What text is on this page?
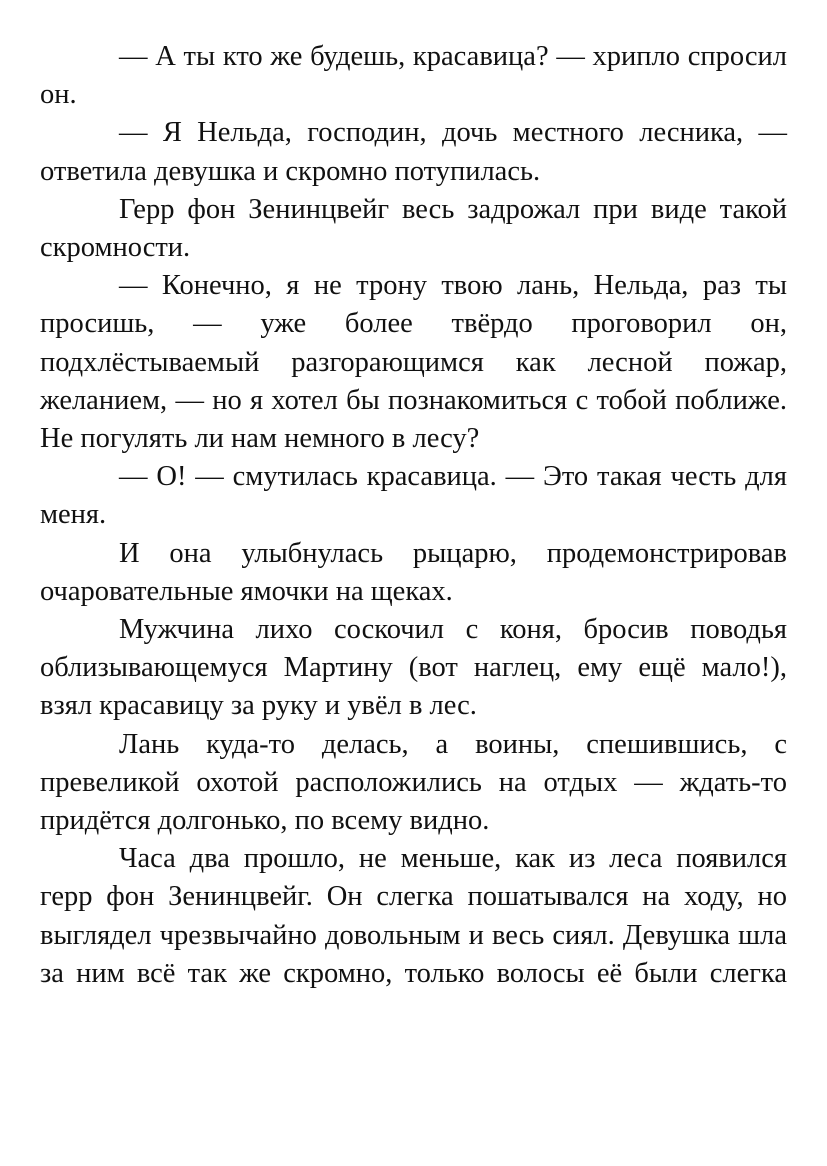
— А ты кто же будешь, красавица? — хрипло спросил он.

— Я Нельда, господин, дочь местного лесника, — ответила девушка и скромно потупилась.

Герр фон Зенинцвейг весь задрожал при виде такой скромности.

— Конечно, я не трону твою лань, Нельда, раз ты просишь, — уже более твёрдо проговорил он, подхлёстываемый разгорающимся как лесной пожар, желанием, — но я хотел бы познакомиться с тобой поближе. Не погулять ли нам немного в лесу?

— О! — смутилась красавица. — Это такая честь для меня.

И она улыбнулась рыцарю, продемонстрировав очаровательные ямочки на щеках.

Мужчина лихо соскочил с коня, бросив поводья облизывающемуся Мартину (вот наглец, ему ещё мало!), взял красавицу за руку и увёл в лес.

Лань куда-то делась, а воины, спешившись, с превеликой охотой расположились на отдых — ждать-то придётся долгонько, по всему видно.

Часа два прошло, не меньше, как из леса появился герр фон Зенинцвейг. Он слегка пошатывался на ходу, но выглядел чрезвычайно довольным и весь сиял. Девушка шла за ним всё так же скромно, только волосы её были слегка
